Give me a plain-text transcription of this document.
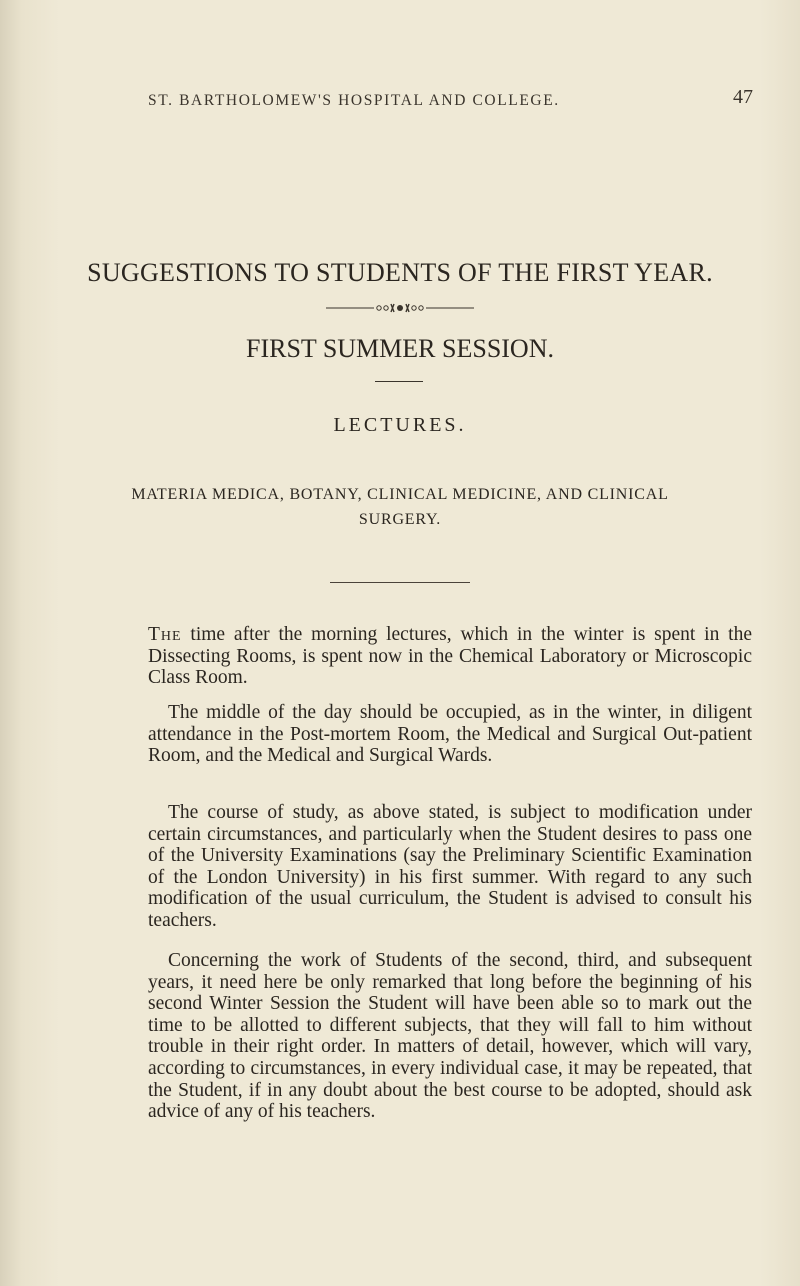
ST. BARTHOLOMEW'S HOSPITAL AND COLLEGE.	47
SUGGESTIONS TO STUDENTS OF THE FIRST YEAR.
FIRST SUMMER SESSION.
LECTURES.
MATERIA MEDICA, BOTANY, CLINICAL MEDICINE, AND CLINICAL SURGERY.

The time after the morning lectures, which in the winter is spent in the Dissecting Rooms, is spent now in the Chemical Laboratory or Microscopic Class Room.

The middle of the day should be occupied, as in the winter, in diligent attendance in the Post-mortem Room, the Medical and Surgical Out-patient Room, and the Medical and Surgical Wards.

The course of study, as above stated, is subject to modification under certain circumstances, and particularly when the Student desires to pass one of the University Examinations (say the Preliminary Scientific Examination of the London University) in his first summer. With regard to any such modification of the usual curriculum, the Student is advised to consult his teachers.

Concerning the work of Students of the second, third, and subsequent years, it need here be only remarked that long before the beginning of his second Winter Session the Student will have been able so to mark out the time to be allotted to different subjects, that they will fall to him without trouble in their right order. In matters of detail, however, which will vary, according to circumstances, in every individual case, it may be repeated, that the Student, if in any doubt about the best course to be adopted, should ask advice of any of his teachers.
